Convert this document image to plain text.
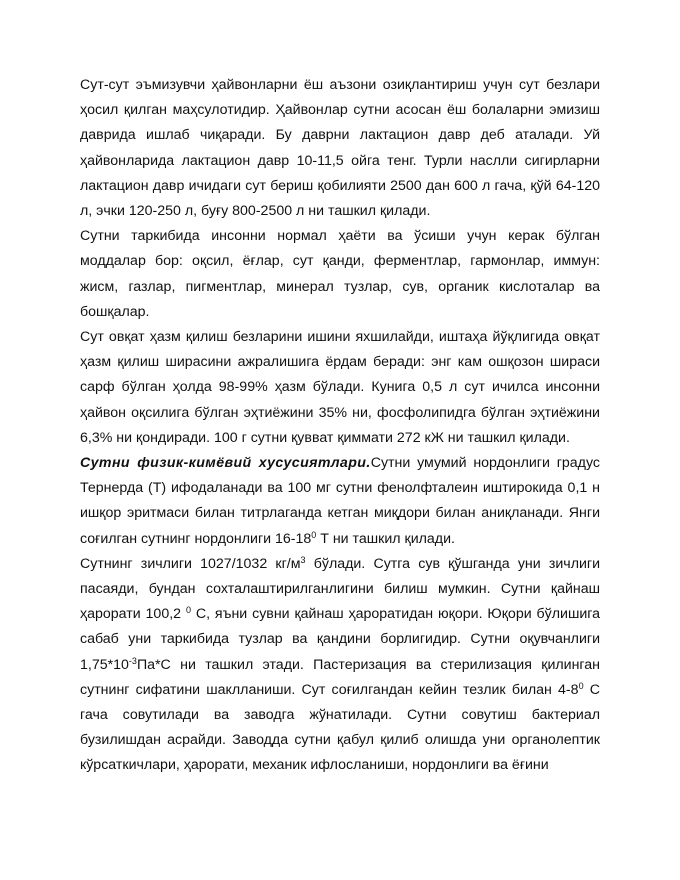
Сут-сут эъмизувчи ҳайвонларни ёш аъзони озиқлантириш учун сут безлари ҳосил қилган маҳсулотидир. Ҳайвонлар сутни асосан ёш болаларни эмизиш даврида ишлаб чиқаради. Бу даврни лактацион давр деб аталади. Уй ҳайвонларида лактацион давр 10-11,5 ойга тенг. Турли наслли сигирларни лактацион давр ичидаги сут бериш қобилияти 2500 дан 600 л гача, қўй 64-120 л, эчки 120-250 л, буғу 800-2500 л ни ташкил қилади.

Сутни таркибида инсонни нормал ҳаёти ва ўсиши учун керак бўлган моддалар бор: оқсил, ёғлар, сут қанди, ферментлар, гармонлар, иммун: жисм, газлар, пигментлар, минерал тузлар, сув, органик кислоталар ва бошқалар.

Сут овқат ҳазм қилиш безларини ишини яхшилайди, иштаҳа йўқлигида овқат ҳазм қилиш ширасини ажралишига ёрдам беради: энг кам ошқозон шираси сарф бўлган ҳолда 98-99% ҳазм бўлади. Кунига 0,5 л сут ичилса инсонни ҳайвон оқсилига бўлган эҳтиёжини 35% ни, фосфолипидга бўлган эҳтиёжини 6,3% ни қондиради. 100 г сутни қувват қиммати 272 кЖ ни ташкил қилади.

Сутни физик-кимёвий хусусиятлари.Сутни умумий нордонлиги градус Тернерда (Т) ифодаланади ва 100 мг сутни фенолфталеин иштирокида 0,1 н ишқор эритмаси билан титрлаганда кетган миқдори билан аниқланади. Янги соғилган сутнинг нордонлиги $16-18^0$ Т ни ташкил қилади.

Сутнинг зичлиги 1027/1032 $кг/м^3$ бўлади. Сутга сув қўшганда уни зичлиги пасаяди, бундан сохталаштирилганлигини билиш мумкин. Сутни қайнаш ҳарорати 100,2 $^0$ С, яъни сувни қайнаш ҳароратидан юқори. Юқори бўлишига сабаб уни таркибида тузлар ва қандини борлигидир. Сутни оқувчанлиги $1,75*10^{-3}Па*С$ ни ташкил этади. Пастеризация ва стерилизация қилинган сутнинг сифатини шаклланиши. Сут соғилгандан кейин тезлик билан $4-8^0$ С гача совутилади ва заводга жўнатилади. Сутни совутиш бактериал бузилишдан асрайди. Заводда сутни қабул қилиб олишда уни органолептик кўрсаткичлари, ҳарорати, механик ифлосланиши, нордонлиги ва ёғини
